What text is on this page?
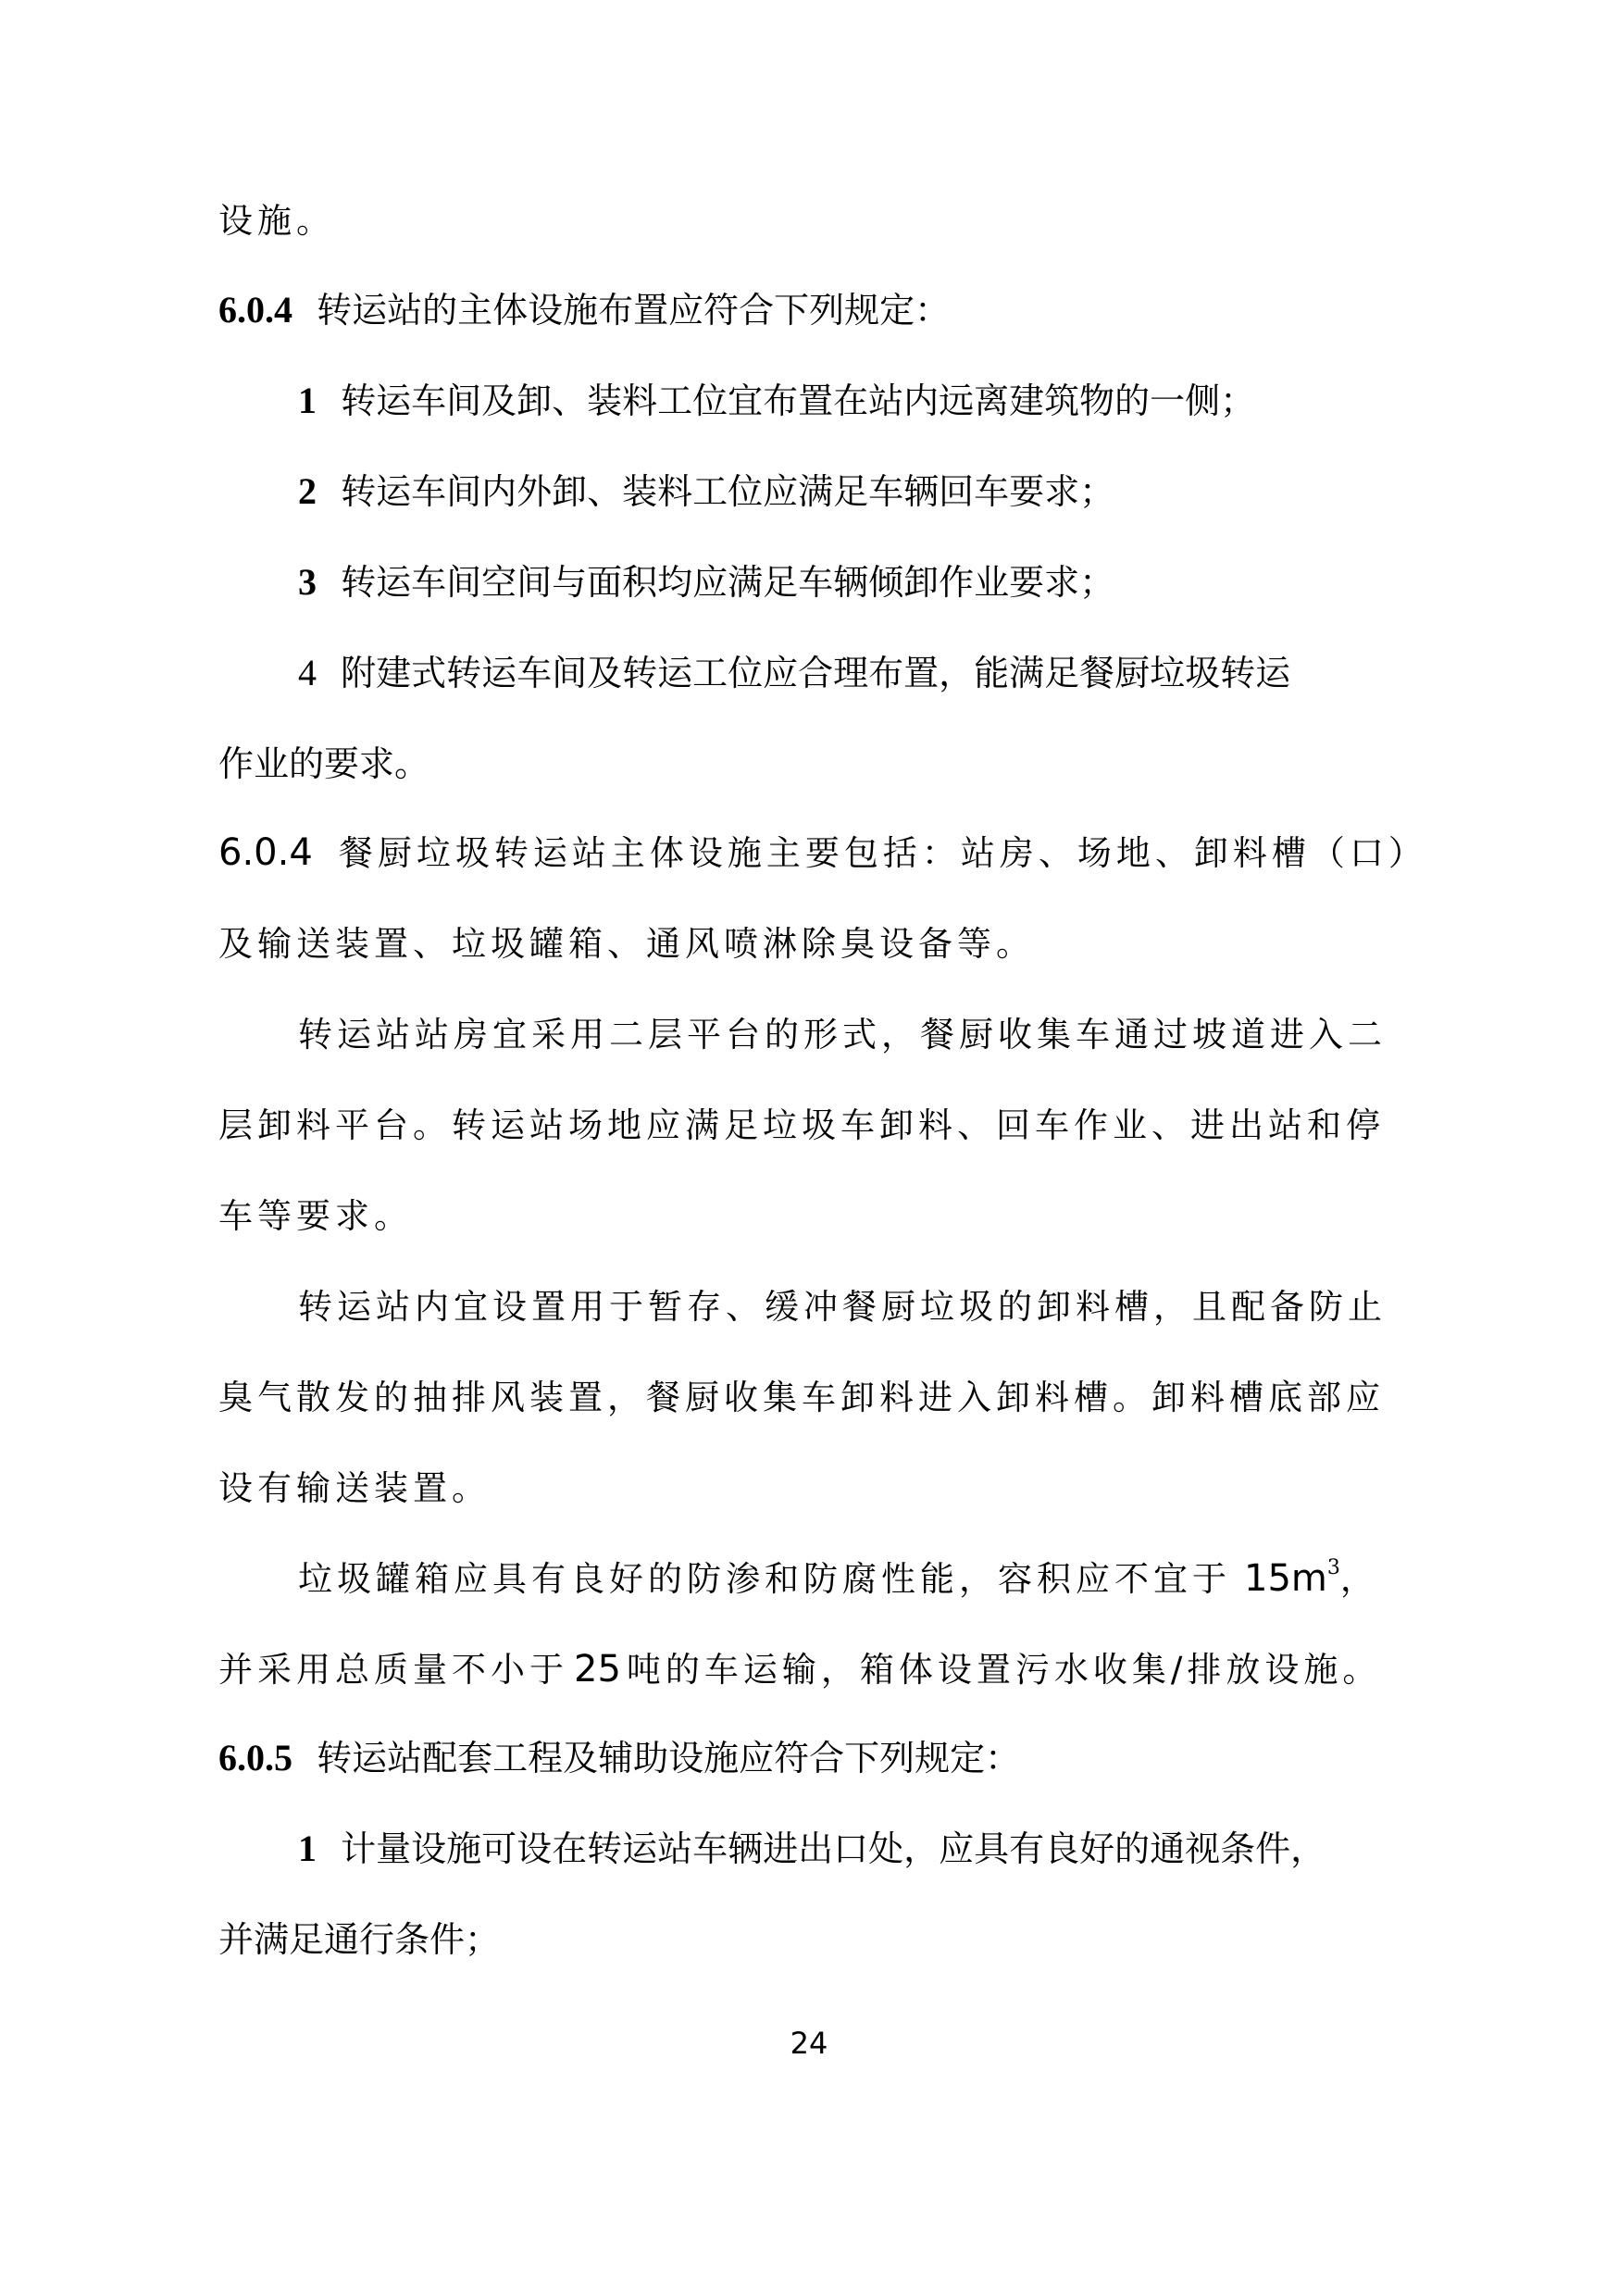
设施。
6.0.4 转运站的主体设施布置应符合下列规定：
1 转运车间及卸、装料工位宜布置在站内远离建筑物的一侧；
2 转运车间内外卸、装料工位应满足车辆回车要求；
3 转运车间空间与面积均应满足车辆倾卸作业要求；
4 附建式转运车间及转运工位应合理布置，能满足餐厨垃圾转运
作业的要求。
6.0.4 餐厨垃圾转运站主体设施主要包括：站房、场地、卸料槽（口）
及输送装置、垃圾罐箱、通风喷淋除臭设备等。
转运站站房宜采用二层平台的形式，餐厨收集车通过坡道进入二
层卸料平台。转运站场地应满足垃圾车卸料、回车作业、进出站和停
车等要求。
转运站内宜设置用于暂存、缓冲餐厨垃圾的卸料槽，且配备防止
臭气散发的抽排风装置，餐厨收集车卸料进入卸料槽。卸料槽底部应
设有输送装置。
垃圾罐箱应具有良好的防渗和防腐性能，容积应不宜于 $15m^3$，
并采用总质量不小于 25 吨的车运输，箱体设置污水收集/排放设施。
6.0.5 转运站配套工程及辅助设施应符合下列规定：
1 计量设施可设在转运站车辆进出口处，应具有良好的通视条件，
并满足通行条件；
24
